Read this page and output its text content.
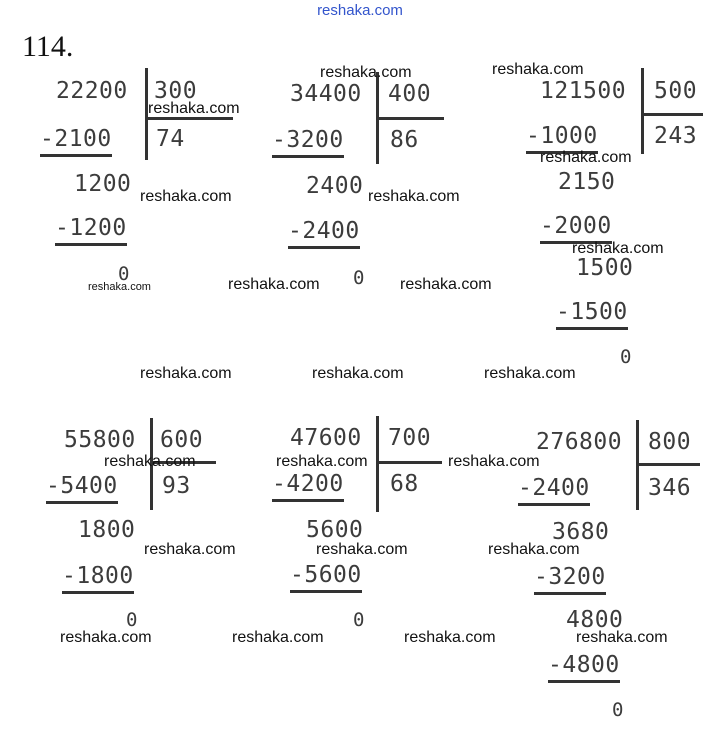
reshaka.com
114.
22200 300
74
-2100
1200
-1200
0
34400 400
86
-3200
2400
-2400
0
121500 500
243
-1000
2150
-2000
1500
-1500
0
55800 600
93
-5400
1800
-1800
0
47600 700
68
-4200
5600
-5600
0
276800 800
346
-2400
3680
-3200
4800
-4800
0
reshaka.com	reshaka.com
reshaka.com
reshaka.com
reshaka.com	reshaka.com
reshaka.com
reshaka.com	reshaka.com	reshaka.com
reshaka.com	reshaka.com	reshaka.com
reshaka.com	reshaka.com	reshaka.com
reshaka.com	reshaka.com	reshaka.com
reshaka.com	reshaka.com	reshaka.com	reshaka.com
